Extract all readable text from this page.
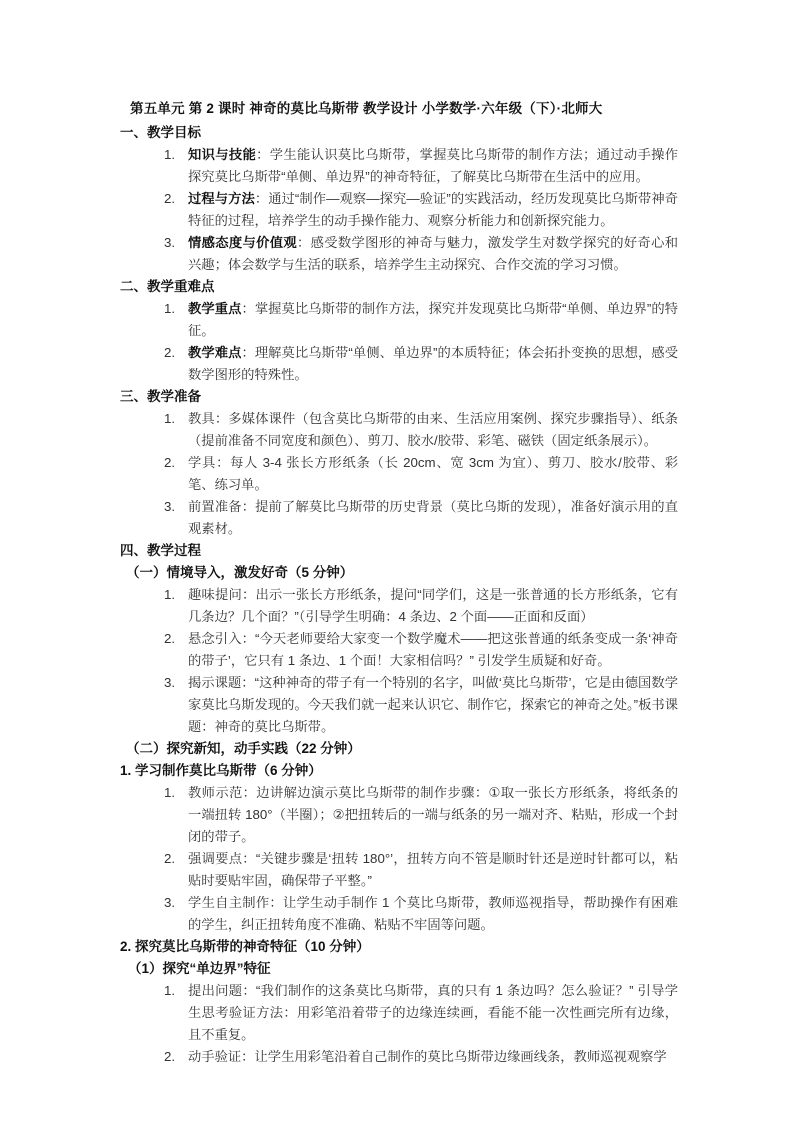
第五单元 第 2 课时 神奇的莫比乌斯带 教学设计 小学数学·六年级（下）·北师大
一、教学目标
1. 知识与技能：学生能认识莫比乌斯带，掌握莫比乌斯带的制作方法；通过动手操作探究莫比乌斯带“单侧、单边界”的神奇特征，了解莫比乌斯带在生活中的应用。
2. 过程与方法：通过“制作—观察—探究—验证”的实践活动，经历发现莫比乌斯带神奇特征的过程，培养学生的动手操作能力、观察分析能力和创新探究能力。
3. 情感态度与价值观：感受数学图形的神奇与魅力，激发学生对数学探究的好奇心和兴趣；体会数学与生活的联系，培养学生主动探究、合作交流的学习习惯。
二、教学重难点
1. 教学重点：掌握莫比乌斯带的制作方法，探究并发现莫比乌斯带“单侧、单边界”的特征。
2. 教学难点：理解莫比乌斯带“单侧、单边界”的本质特征；体会拓扑变换的思想，感受数学图形的特殊性。
三、教学准备
1. 教具：多媒体课件（包含莫比乌斯带的由来、生活应用案例、探究步骤指导）、纸条（提前准备不同宽度和颜色）、剪刀、胶水/胶带、彩笔、磁铁（固定纸条展示）。
2. 学具：每人 3-4 张长方形纸条（长 20cm、宽 3cm 为宜）、剪刀、胶水/胶带、彩笔、练习单。
3. 前置准备：提前了解莫比乌斯带的历史背景（莫比乌斯的发现），准备好演示用的直观素材。
四、教学过程
（一）情境导入，激发好奇（5 分钟）
1. 趣味提问：出示一张长方形纸条，提问“同学们，这是一张普通的长方形纸条，它有几条边？几个面？”（引导学生明确：4 条边、2 个面——正面和反面）
2. 悬念引入：“今天老师要给大家变一个数学魔术——把这张普通的纸条变成一条‘神奇的带子’，它只有 1 条边、1 个面！大家相信吗？” 引发学生质疑和好奇。
3. 揭示课题：“这种神奇的带子有一个特别的名字，叫做‘莫比乌斯带’，它是由德国数学家莫比乌斯发现的。今天我们就一起来认识它、制作它，探索它的神奇之处。”板书课题：神奇的莫比乌斯带。
（二）探究新知，动手实践（22 分钟）
1. 学习制作莫比乌斯带（6 分钟）
1. 教师示范：边讲解边演示莫比乌斯带的制作步骤：①取一张长方形纸条，将纸条的一端扭转 180°（半圈）；②把扭转后的一端与纸条的另一端对齐、粘贴，形成一个封闭的带子。
2. 强调要点：“关键步骤是‘扭转 180°’，扭转方向不管是顺时针还是逆时针都可以，粘贴时要贴牢固，确保带子平整。”
3. 学生自主制作：让学生动手制作 1 个莫比乌斯带，教师巡视指导，帮助操作有困难的学生，纠正扭转角度不准确、粘贴不牢固等问题。
2. 探究莫比乌斯带的神奇特征（10 分钟）
（1）探究“单边界”特征
1. 提出问题：“我们制作的这条莫比乌斯带，真的只有 1 条边吗？怎么验证？” 引导学生思考验证方法：用彩笔沿着带子的边缘连续画，看能不能一次性画完所有边缘，且不重复。
2. 动手验证：让学生用彩笔沿着自己制作的莫比乌斯带边缘画线条，教师巡视观察学
